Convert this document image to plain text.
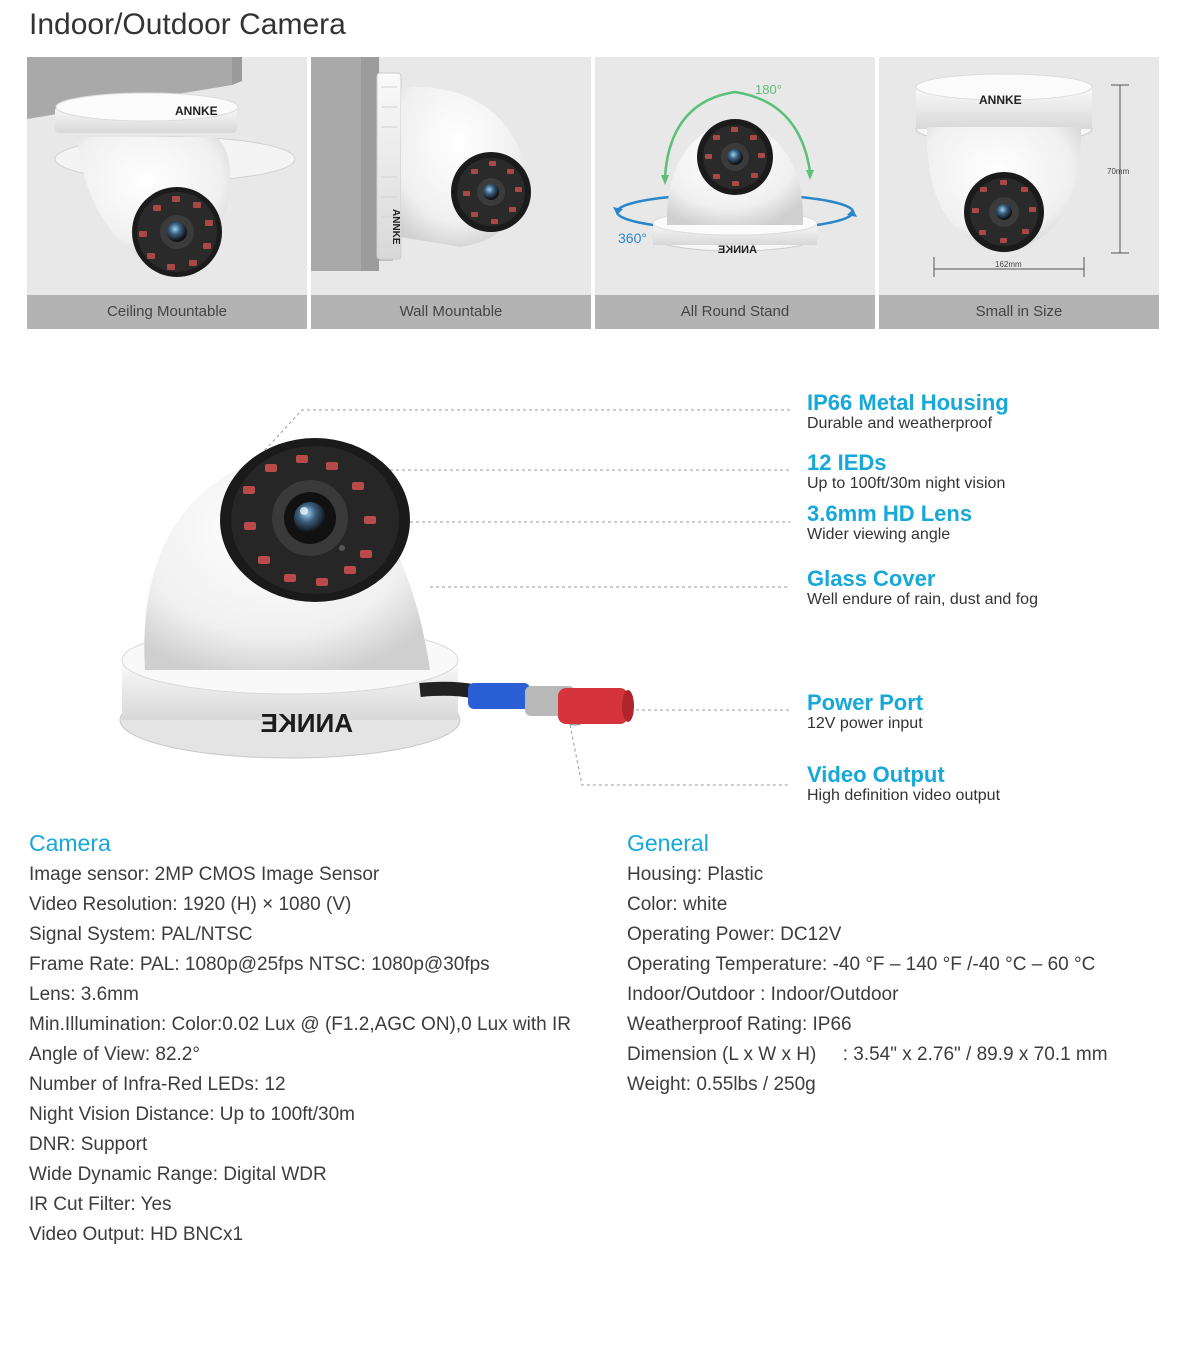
Indoor/Outdoor Camera
ANNKE
Ceiling Mountable
ANNKE
Wall Mountable
180°
360°
ANNKE
All Round Stand
ANNKE
70mm
162mm
Small in Size
ANNKE
IP66 Metal Housing
Durable and weatherproof
12 IEDs
Up to 100ft/30m night vision
3.6mm HD Lens
Wider viewing angle
Glass Cover
Well endure of rain, dust and fog
Power Port
12V power input
Video Output
High definition video output
Camera
Image sensor: 2MP CMOS Image Sensor
Video Resolution: 1920 (H) × 1080 (V)
Signal System: PAL/NTSC
Frame Rate: PAL: 1080p@25fps NTSC: 1080p@30fps
Lens: 3.6mm
Min.Illumination: Color:0.02 Lux @ (F1.2,AGC ON),0 Lux with IR
Angle of View: 82.2°
Number of Infra-Red LEDs: 12
Night Vision Distance: Up to 100ft/30m
DNR: Support
Wide Dynamic Range: Digital WDR
IR Cut Filter: Yes
Video Output: HD BNCx1
General
Housing: Plastic
Color: white
Operating Power: DC12V
Operating Temperature: -40 °F – 140 °F /-40 °C – 60 °C
Indoor/Outdoor : Indoor/Outdoor
Weatherproof Rating: IP66
Dimension (L x W x H)     : 3.54" x 2.76" / 89.9 x 70.1 mm
Weight: 0.55lbs / 250g
